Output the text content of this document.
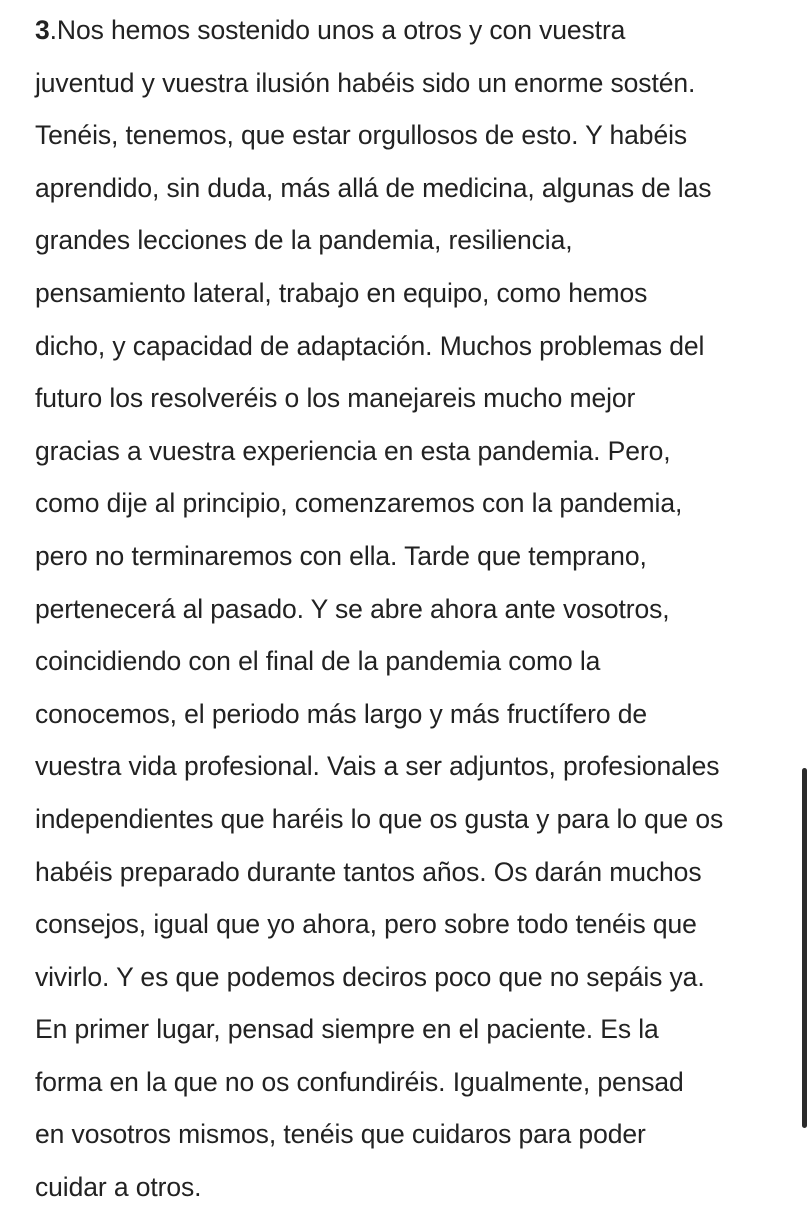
3.Nos hemos sostenido unos a otros y con vuestra
juventud y vuestra ilusión habéis sido un enorme sostén.
Tenéis, tenemos, que estar orgullosos de esto. Y habéis
aprendido, sin duda, más allá de medicina, algunas de las
grandes lecciones de la pandemia, resiliencia,
pensamiento lateral, trabajo en equipo, como hemos
dicho, y capacidad de adaptación. Muchos problemas del
futuro los resolveréis o los manejareis mucho mejor
gracias a vuestra experiencia en esta pandemia. Pero,
como dije al principio, comenzaremos con la pandemia,
pero no terminaremos con ella. Tarde que temprano,
pertenecerá al pasado. Y se abre ahora ante vosotros,
coincidiendo con el final de la pandemia como la
conocemos, el periodo más largo y más fructífero de
vuestra vida profesional. Vais a ser adjuntos, profesionales
independientes que haréis lo que os gusta y para lo que os
habéis preparado durante tantos años. Os darán muchos
consejos, igual que yo ahora, pero sobre todo tenéis que
vivirlo. Y es que podemos deciros poco que no sepáis ya.
En primer lugar, pensad siempre en el paciente. Es la
forma en la que no os confundiréis. Igualmente, pensad
en vosotros mismos, tenéis que cuidaros para poder
cuidar a otros.
